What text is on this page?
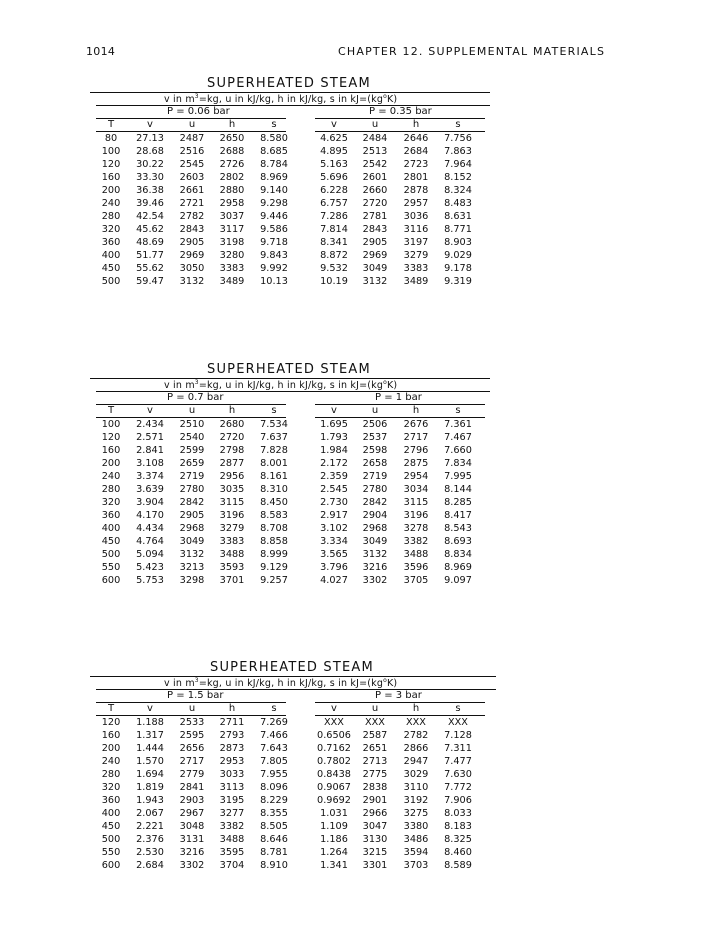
1014	CHAPTER 12. SUPPLEMENTAL MATERIALS
SUPERHEATED STEAM
v in $m^3=kg$, u in kJ/kg, h in kJ/kg, s in $kJ=(kg^oK)$
P = 0.06 bar	P = 0.35 bar
T	v	u	h	s	v	u	h	s
80	27.13	2487	2650	8.580	4.625	2484	2646	7.756
100	28.68	2516	2688	8.685	4.895	2513	2684	7.863
120	30.22	2545	2726	8.784	5.163	2542	2723	7.964
160	33.30	2603	2802	8.969	5.696	2601	2801	8.152
200	36.38	2661	2880	9.140	6.228	2660	2878	8.324
240	39.46	2721	2958	9.298	6.757	2720	2957	8.483
280	42.54	2782	3037	9.446	7.286	2781	3036	8.631
320	45.62	2843	3117	9.586	7.814	2843	3116	8.771
360	48.69	2905	3198	9.718	8.341	2905	3197	8.903
400	51.77	2969	3280	9.843	8.872	2969	3279	9.029
450	55.62	3050	3383	9.992	9.532	3049	3383	9.178
500	59.47	3132	3489	10.13	10.19	3132	3489	9.319
SUPERHEATED STEAM
v in $m^3=kg$, u in kJ/kg, h in kJ/kg, s in $kJ=(kg^oK)$
P = 0.7 bar	P = 1 bar
T	v	u	h	s	v	u	h	s
100	2.434	2510	2680	7.534	1.695	2506	2676	7.361
120	2.571	2540	2720	7.637	1.793	2537	2717	7.467
160	2.841	2599	2798	7.828	1.984	2598	2796	7.660
200	3.108	2659	2877	8.001	2.172	2658	2875	7.834
240	3.374	2719	2956	8.161	2.359	2719	2954	7.995
280	3.639	2780	3035	8.310	2.545	2780	3034	8.144
320	3.904	2842	3115	8.450	2.730	2842	3115	8.285
360	4.170	2905	3196	8.583	2.917	2904	3196	8.417
400	4.434	2968	3279	8.708	3.102	2968	3278	8.543
450	4.764	3049	3383	8.858	3.334	3049	3382	8.693
500	5.094	3132	3488	8.999	3.565	3132	3488	8.834
550	5.423	3213	3593	9.129	3.796	3216	3596	8.969
600	5.753	3298	3701	9.257	4.027	3302	3705	9.097
SUPERHEATED STEAM
v in $m^3=kg$, u in kJ/kg, h in kJ/kg, s in $kJ=(kg^oK)$
P = 1.5 bar	P = 3 bar
T	v	u	h	s	v	u	h	s
120	1.188	2533	2711	7.269	XXX	XXX	XXX	XXX
160	1.317	2595	2793	7.466	0.6506	2587	2782	7.128
200	1.444	2656	2873	7.643	0.7162	2651	2866	7.311
240	1.570	2717	2953	7.805	0.7802	2713	2947	7.477
280	1.694	2779	3033	7.955	0.8438	2775	3029	7.630
320	1.819	2841	3113	8.096	0.9067	2838	3110	7.772
360	1.943	2903	3195	8.229	0.9692	2901	3192	7.906
400	2.067	2967	3277	8.355	1.031	2966	3275	8.033
450	2.221	3048	3382	8.505	1.109	3047	3380	8.183
500	2.376	3131	3488	8.646	1.186	3130	3486	8.325
550	2.530	3216	3595	8.781	1.264	3215	3594	8.460
600	2.684	3302	3704	8.910	1.341	3301	3703	8.589
